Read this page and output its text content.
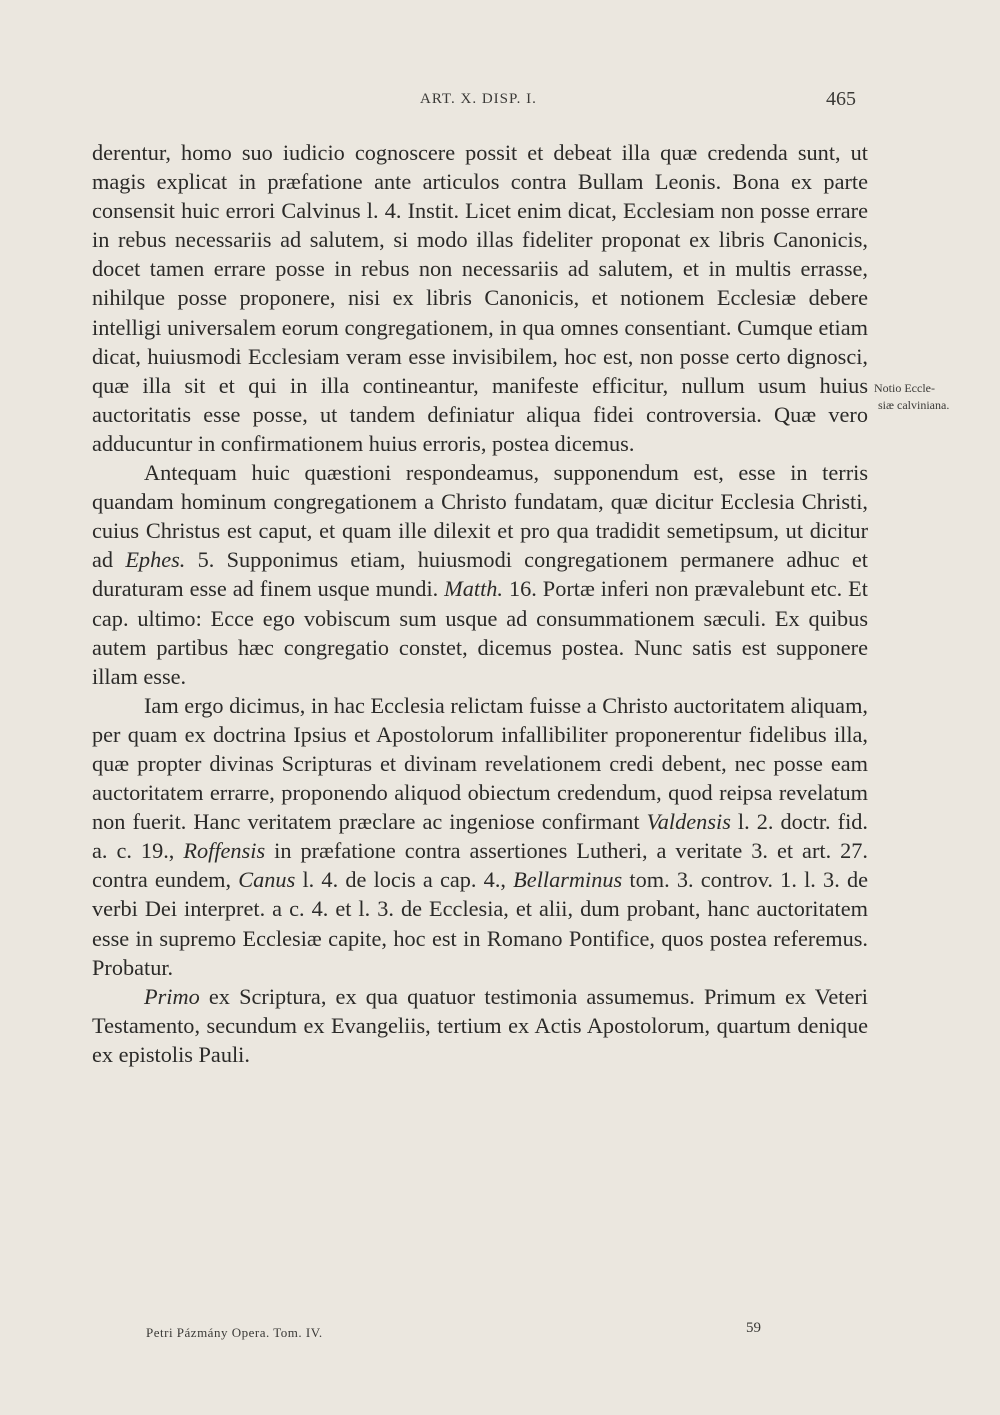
ART. X. DISP. I.	465

derentur, homo suo iudicio cognoscere possit et debeat illa quæ credenda sunt, ut magis explicat in præfatione ante articulos contra Bullam Leonis. Bona ex parte consensit huic errori Calvinus l. 4. Instit. Licet enim dicat, Ecclesiam non posse errare in rebus necessariis ad salutem, si modo illas fideliter proponat ex libris Canonicis, docet tamen errare posse in rebus non necessariis ad salutem, et in multis errasse, nihilque posse proponere, nisi ex libris Canonicis, et notionem Ecclesiæ debere intelligi universalem eorum congregationem, in qua omnes consentiant. Cumque etiam dicat, huiusmodi Ecclesiam veram esse invisibilem, hoc est, non posse certo dignosci, quæ illa sit et qui in illa contineantur, manifeste efficitur, nullum usum huius auctoritatis esse posse, ut tandem definiatur aliqua fidei controversia. Quæ vero adducuntur in confirmationem huius erroris, postea dicemus.

Antequam huic quæstioni respondeamus, supponendum est, esse in terris quandam hominum congregationem a Christo fundatam, quæ dicitur Ecclesia Christi, cuius Christus est caput, et quam ille dilexit et pro qua tradidit semetipsum, ut dicitur ad Ephes. 5. Supponimus etiam, huiusmodi congregationem permanere adhuc et duraturam esse ad finem usque mundi. Matth. 16. Portæ inferi non prævalebunt etc. Et cap. ultimo: Ecce ego vobiscum sum usque ad consummationem sæculi. Ex quibus autem partibus hæc congregatio constet, dicemus postea. Nunc satis est supponere illam esse.

Iam ergo dicimus, in hac Ecclesia relictam fuisse a Christo auctoritatem aliquam, per quam ex doctrina Ipsius et Apostolorum infallibiliter proponerentur fidelibus illa, quæ propter divinas Scripturas et divinam revelationem credi debent, nec posse eam auctoritatem errarre, proponendo aliquod obiectum credendum, quod reipsa revelatum non fuerit. Hanc veritatem præclare ac ingeniose confirmant Valdensis l. 2. doctr. fid. a. c. 19., Roffensis in præfatione contra assertiones Lutheri, a veritate 3. et art. 27. contra eundem, Canus l. 4. de locis a cap. 4., Bellarminus tom. 3. controv. 1. l. 3. de verbi Dei interpret. a c. 4. et l. 3. de Ecclesia, et alii, dum probant, hanc auctoritatem esse in supremo Ecclesiæ capite, hoc est in Romano Pontifice, quos postea referemus. Probatur.

Primo ex Scriptura, ex qua quatuor testimonia assumemus. Primum ex Veteri Testamento, secundum ex Evangeliis, tertium ex Actis Apostolorum, quartum denique ex epistolis Pauli.

Notio Eccle-
siæ calviniana.
Petri Pázmány Opera. Tom. IV.	59
